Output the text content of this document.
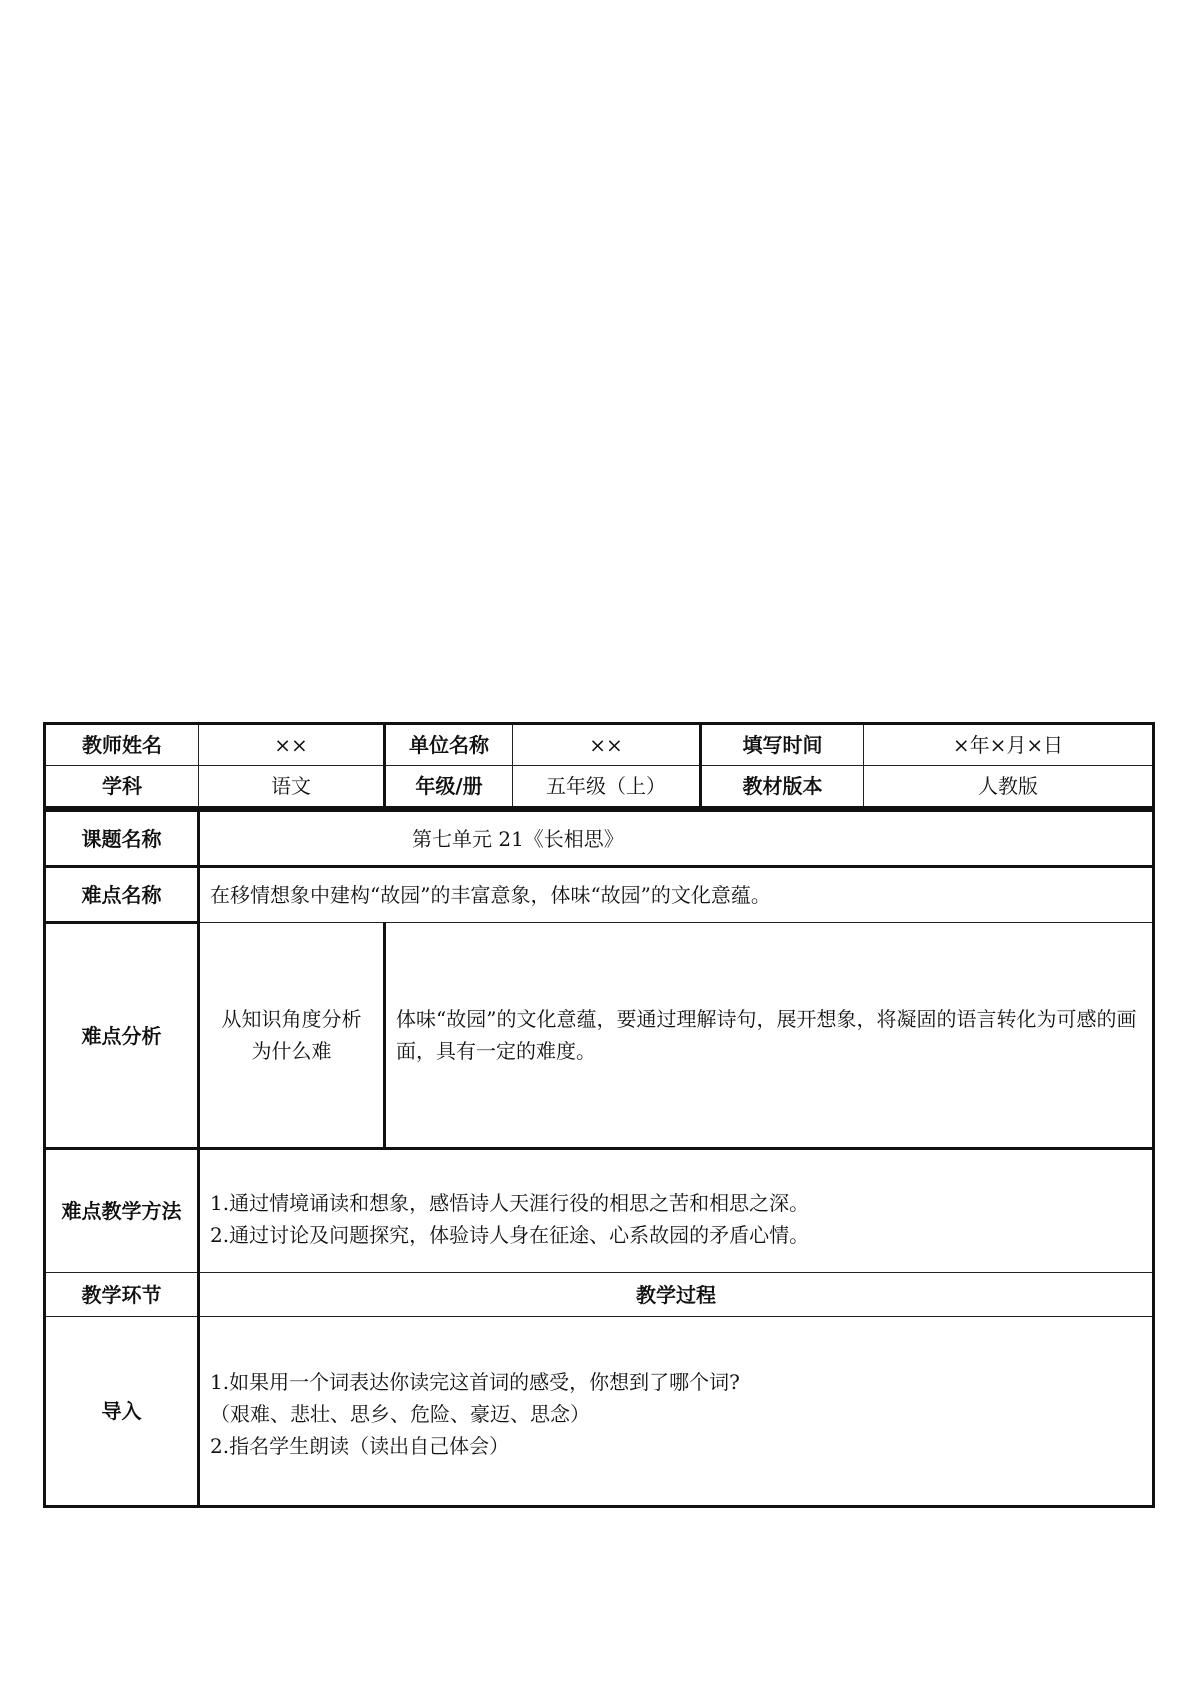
教师姓名	××	单位名称	××	填写时间	×年×月×日
学科	语文	年级/册	五年级（上）	教材版本	人教版
课题名称	第七单元 21《长相思》	
难点名称	在移情想象中建构“故园”的丰富意象，体味“故园”的文化意蕴。	
难点分析	从知识角度分析为什么难	体味“故园”的文化意蕴，要通过理解诗句，展开想象，将凝固的语言转化为可感的画面，具有一定的难度。
难点教学方法	1.通过情境诵读和想象，感悟诗人天涯行役的相思之苦和相思之深。
2.通过讨论及问题探究，体验诗人身在征途、心系故园的矛盾心情。	

教学环节	教学过程	
导入	1.如果用一个词表达你读完这首词的感受，你想到了哪个词?
（艰难、悲壮、思乡、危险、豪迈、思念）
2.指名学生朗读（读出自己体会）	
